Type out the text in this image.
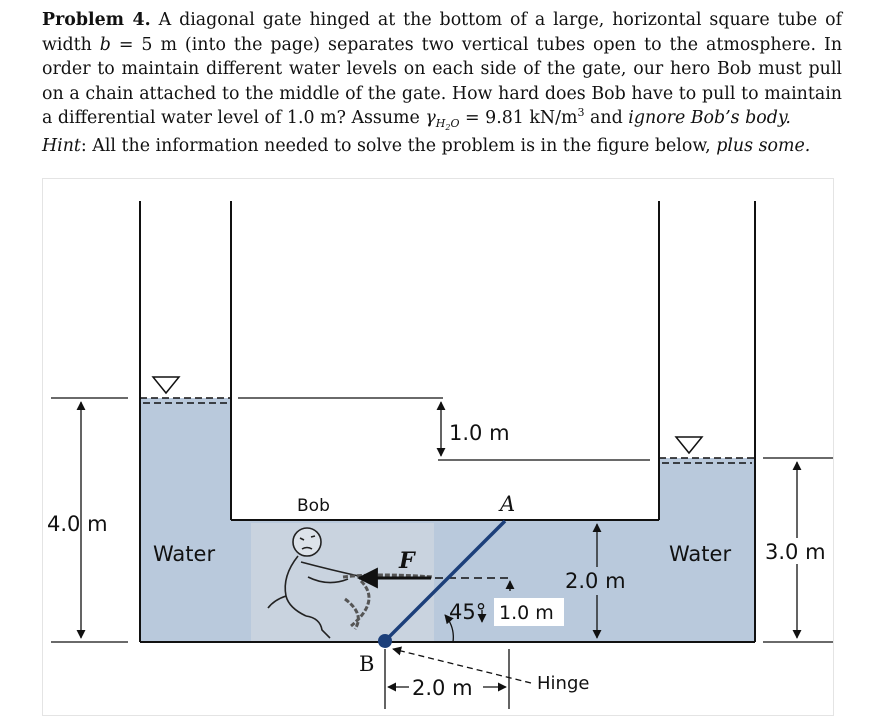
Problem 4. A diagonal gate hinged at the bottom of a large, horizontal square tube of width b = 5 m (into the page) separates two vertical tubes open to the atmosphere. In order to maintain different water levels on each side of the gate, our hero Bob must pull on a chain attached to the middle of the gate. How hard does Bob have to pull to maintain a differential water level of 1.0 m? Assume $\gamma_{H_2O} = 9.81$ $kN/m^3$ and ignore Bob’s body.

Hint: All the information needed to solve the problem is in the figure below, plus some.
4.0 m
3.0 m
1.0 m
Water	Water
Bob	A
F
1.0 m
B
45°
2.0 m
2.0 m	Hinge
